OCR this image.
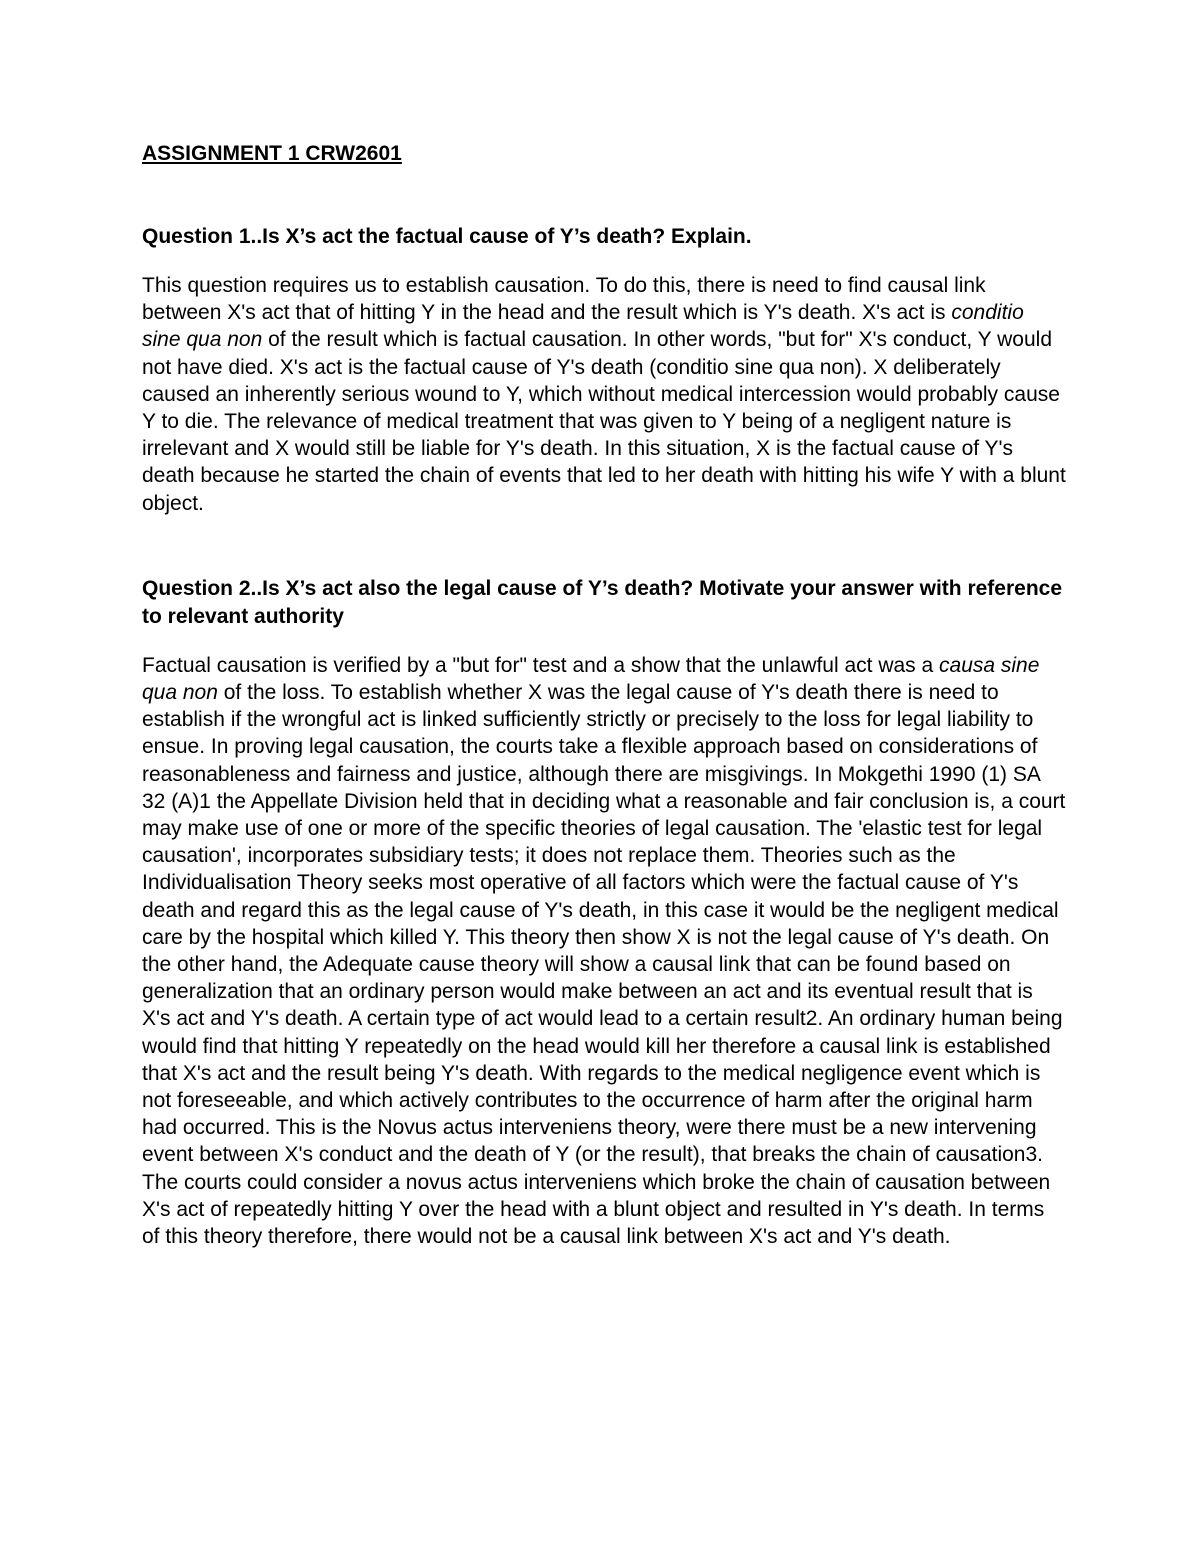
ASSIGNMENT 1 CRW2601
Question 1..Is X’s act the factual cause of Y’s death? Explain.

This question requires us to establish causation. To do this, there is need to find causal link between X's act that of hitting Y in the head and the result which is Y's death. X's act is conditio sine qua non of the result which is factual causation. In other words, "but for" X's conduct, Y would not have died. X's act is the factual cause of Y's death (conditio sine qua non). X deliberately caused an inherently serious wound to Y, which without medical intercession would probably cause Y to die. The relevance of medical treatment that was given to Y being of a negligent nature is irrelevant and X would still be liable for Y's death. In this situation, X is the factual cause of Y's death because he started the chain of events that led to her death with hitting his wife Y with a blunt object.

Question 2..Is X’s act also the legal cause of Y’s death? Motivate your answer with reference to relevant authority

Factual causation is verified by a "but for" test and a show that the unlawful act was a causa sine qua non of the loss. To establish whether X was the legal cause of Y's death there is need to establish if the wrongful act is linked sufficiently strictly or precisely to the loss for legal liability to ensue. In proving legal causation, the courts take a flexible approach based on considerations of reasonableness and fairness and justice, although there are misgivings. In Mokgethi 1990 (1) SA 32 (A)1 the Appellate Division held that in deciding what a reasonable and fair conclusion is, a court may make use of one or more of the specific theories of legal causation. The 'elastic test for legal causation', incorporates subsidiary tests; it does not replace them. Theories such as the Individualisation Theory seeks most operative of all factors which were the factual cause of Y's death and regard this as the legal cause of Y's death, in this case it would be the negligent medical care by the hospital which killed Y. This theory then show X is not the legal cause of Y's death. On the other hand, the Adequate cause theory will show a causal link that can be found based on generalization that an ordinary person would make between an act and its eventual result that is X's act and Y's death. A certain type of act would lead to a certain result2. An ordinary human being would find that hitting Y repeatedly on the head would kill her therefore a causal link is established that X's act and the result being Y's death. With regards to the medical negligence event which is not foreseeable, and which actively contributes to the occurrence of harm after the original harm had occurred. This is the Novus actus interveniens theory, were there must be a new intervening event between X's conduct and the death of Y (or the result), that breaks the chain of causation3. The courts could consider a novus actus interveniens which broke the chain of causation between X's act of repeatedly hitting Y over the head with a blunt object and resulted in Y's death. In terms of this theory therefore, there would not be a causal link between X's act and Y's death.
